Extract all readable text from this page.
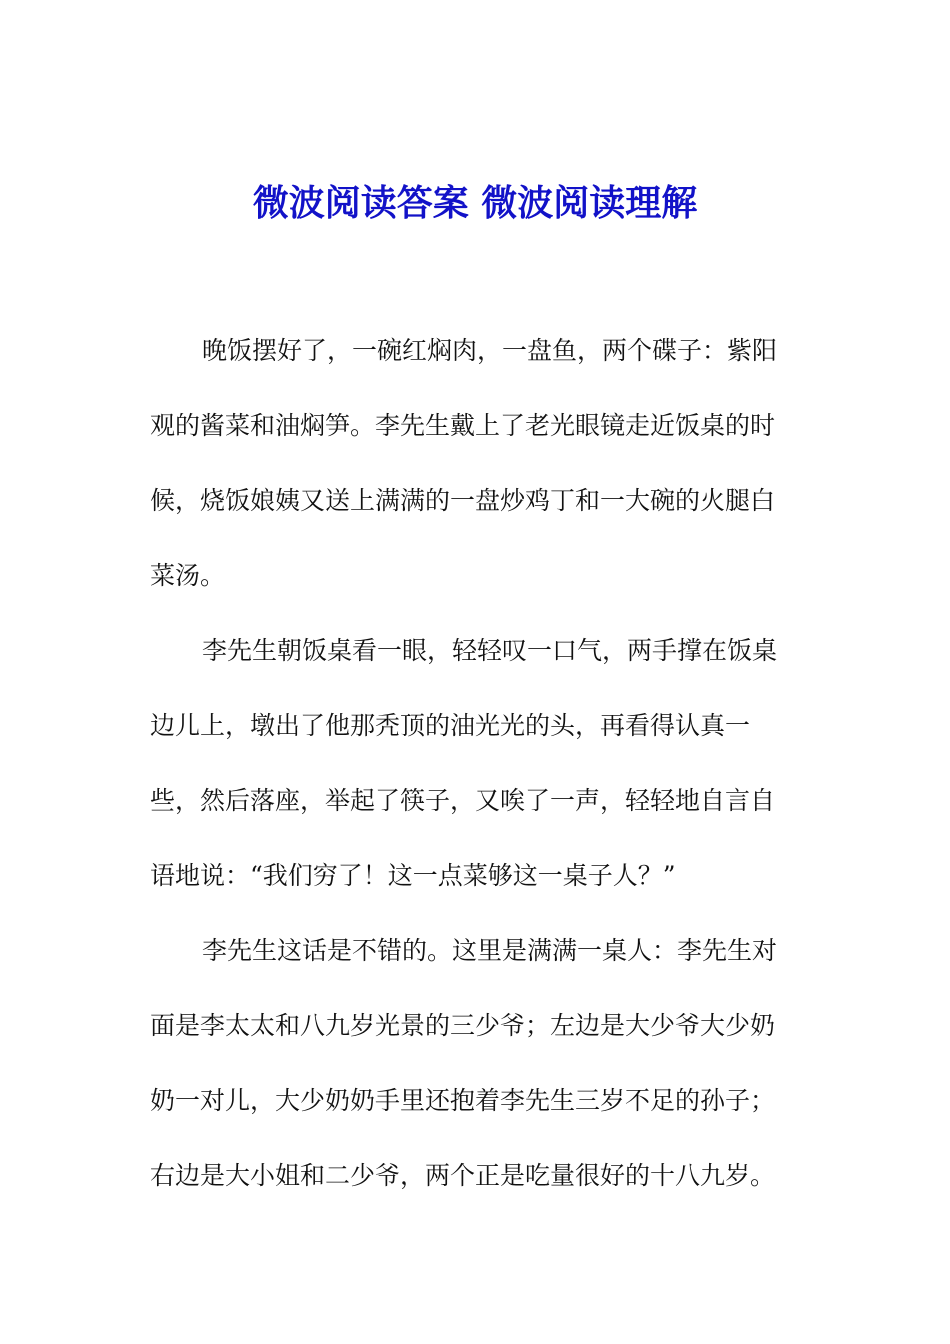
微波阅读答案 微波阅读理解
晚饭摆好了，一碗红焖肉，一盘鱼，两个碟子：紫阳
观的酱菜和油焖笋。李先生戴上了老光眼镜走近饭桌的时
候，烧饭娘姨又送上满满的一盘炒鸡丁和一大碗的火腿白
菜汤。
李先生朝饭桌看一眼，轻轻叹一口气，两手撑在饭桌
边儿上，墩出了他那秃顶的油光光的头，再看得认真一
些，然后落座，举起了筷子，又唉了一声，轻轻地自言自
语地说：“我们穷了！这一点菜够这一桌子人？”
李先生这话是不错的。这里是满满一桌人：李先生对
面是李太太和八九岁光景的三少爷；左边是大少爷大少奶
奶一对儿，大少奶奶手里还抱着李先生三岁不足的孙子；
右边是大小姐和二少爷，两个正是吃量很好的十八九岁。
